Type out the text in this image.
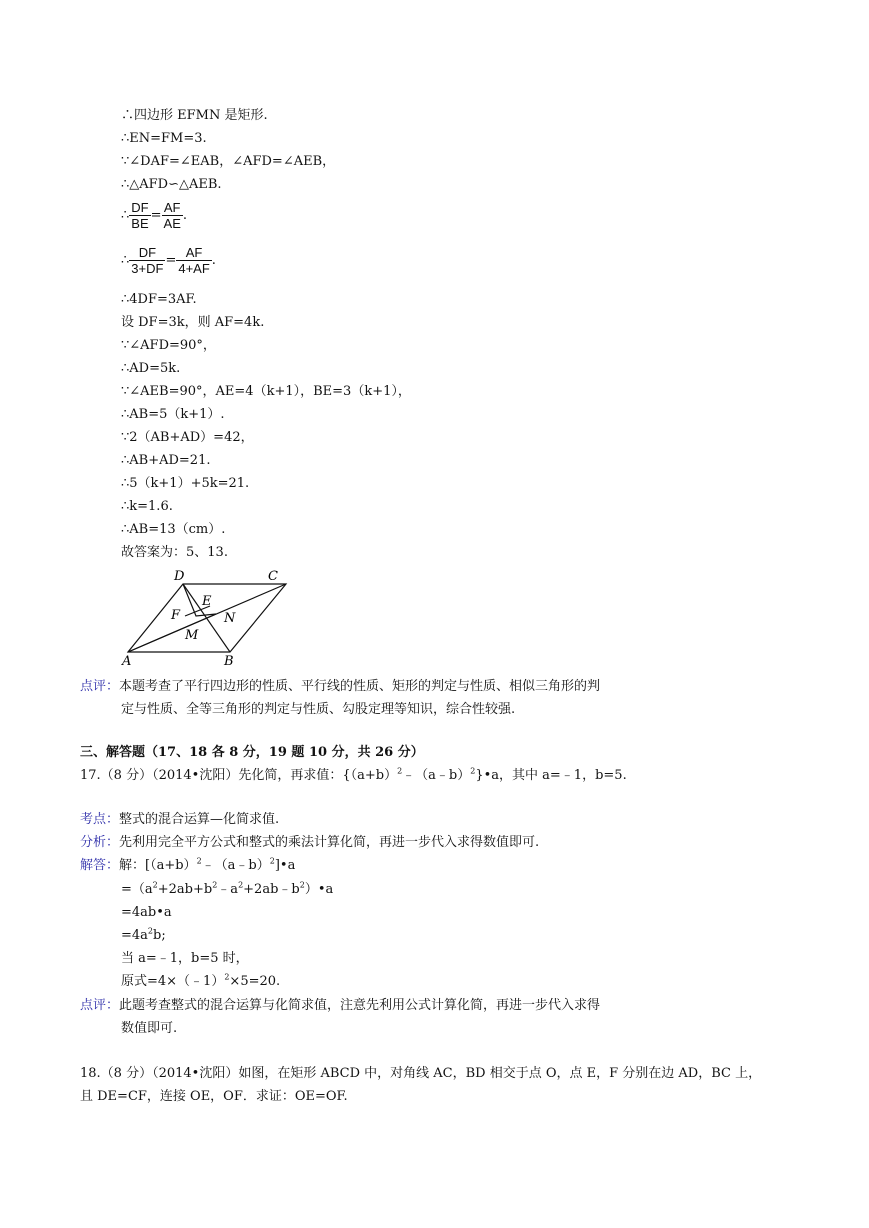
∴四边形 EFMN 是矩形.
∴EN=FM=3.
∵∠DAF=∠EAB，∠AFD=∠AEB，
∴△AFD∽△AEB.
∴ $\frac{DF}{BE} = \frac{AF}{AE}$ .
∴ $\frac{DF}{3+DF} = \frac{AF}{4+AF}$ .
∴4DF=3AF.
设 DF=3k，则 AF=4k.
∵∠AFD=90°，
∴AD=5k.
∵∠AEB=90°，AE=4（k+1），BE=3（k+1），
∴AB=5（k+1）.
∵2（AB+AD）=42，
∴AB+AD=21.
∴5（k+1）+5k=21.
∴k=1.6.
∴AB=13（cm）.
故答案为：5、13.
D	C
E
F	N
M
A	B
点评：本题考查了平行四边形的性质、平行线的性质、矩形的判定与性质、相似三角形的判
定与性质、全等三角形的判定与性质、勾股定理等知识，综合性较强.
三、解答题（17、18 各 8 分，19 题 10 分，共 26 分）
17.（8 分）（2014•沈阳）先化简，再求值：$\{(a+b)^2﹣(a﹣b)^2\}•a$，其中 a=﹣1，b=5.
考点：整式的混合运算—化简求值.
分析：先利用完全平方公式和整式的乘法计算化简，再进一步代入求得数值即可.
解答：解：$[(a+b)^2﹣(a﹣b)^2]•a$
$=(a^2+2ab+b^2﹣a^2+2ab﹣b^2)•a$
=4ab•a
$=4a^2b$;
当 a=﹣1，b=5 时，
原式=4×（﹣1）$^2$×5=20.
点评：此题考查整式的混合运算与化简求值，注意先利用公式计算化简，再进一步代入求得
数值即可.
18.（8 分）（2014•沈阳）如图，在矩形 ABCD 中，对角线 AC，BD 相交于点 O，点 E，F 分别在边 AD，BC 上，
且 DE=CF，连接 OE，OF．求证：OE=OF.
